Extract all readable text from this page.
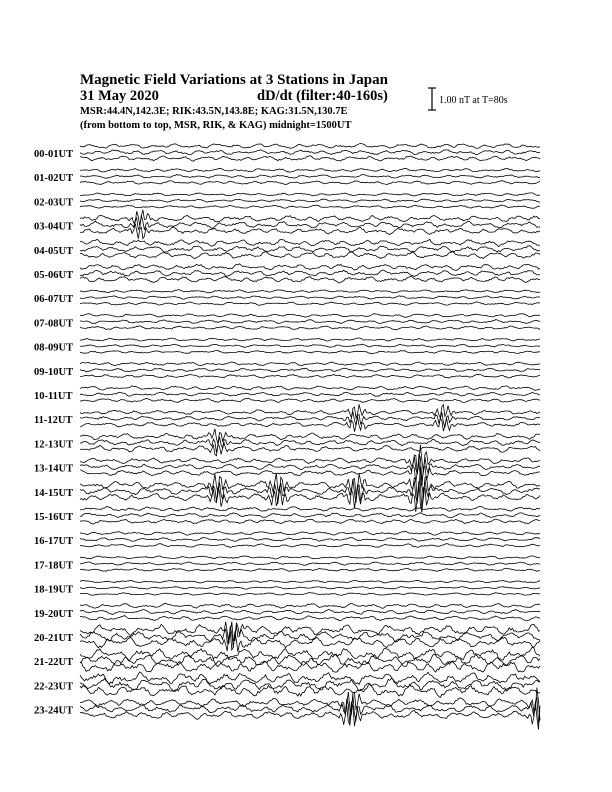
Magnetic Field Variations at 3 Stations in Japan
31 May 2020	dD/dt (filter:40-160s)
MSR:44.4N,142.3E; RIK:43.5N,143.8E; KAG:31.5N,130.7E
(from bottom to top, MSR, RIK, & KAG) midnight=1500UT
1.00 nT at T=80s
00-01UT
01-02UT
02-03UT
03-04UT
04-05UT
05-06UT
06-07UT
07-08UT
08-09UT
09-10UT
10-11UT
11-12UT
12-13UT
13-14UT
14-15UT
15-16UT
16-17UT
17-18UT
18-19UT
19-20UT
20-21UT
21-22UT
22-23UT
23-24UT
